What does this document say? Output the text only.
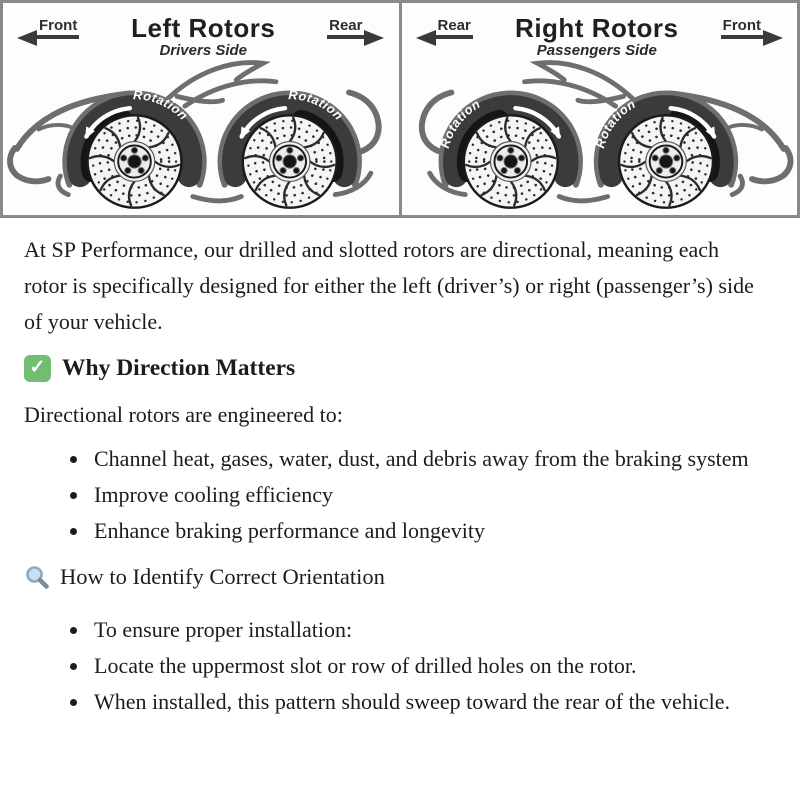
Front Left Rotors
Drivers Side
Rear
Rotation
Rotation
Rear Right Rotors
Passengers Side
Front
Rotation
Rotation

At SP Performance, our drilled and slotted rotors are directional, meaning each rotor is specifically designed for either the left (driver’s) or right (passenger’s) side of your vehicle.

✓ Why Direction Matters

Directional rotors are engineered to:

• Channel heat, gases, water, dust, and debris away from the braking system
• Improve cooling efficiency
• Enhance braking performance and longevity
How to Identify Correct Orientation
• To ensure proper installation:
• Locate the uppermost slot or row of drilled holes on the rotor.
• When installed, this pattern should sweep toward the rear of the vehicle.
